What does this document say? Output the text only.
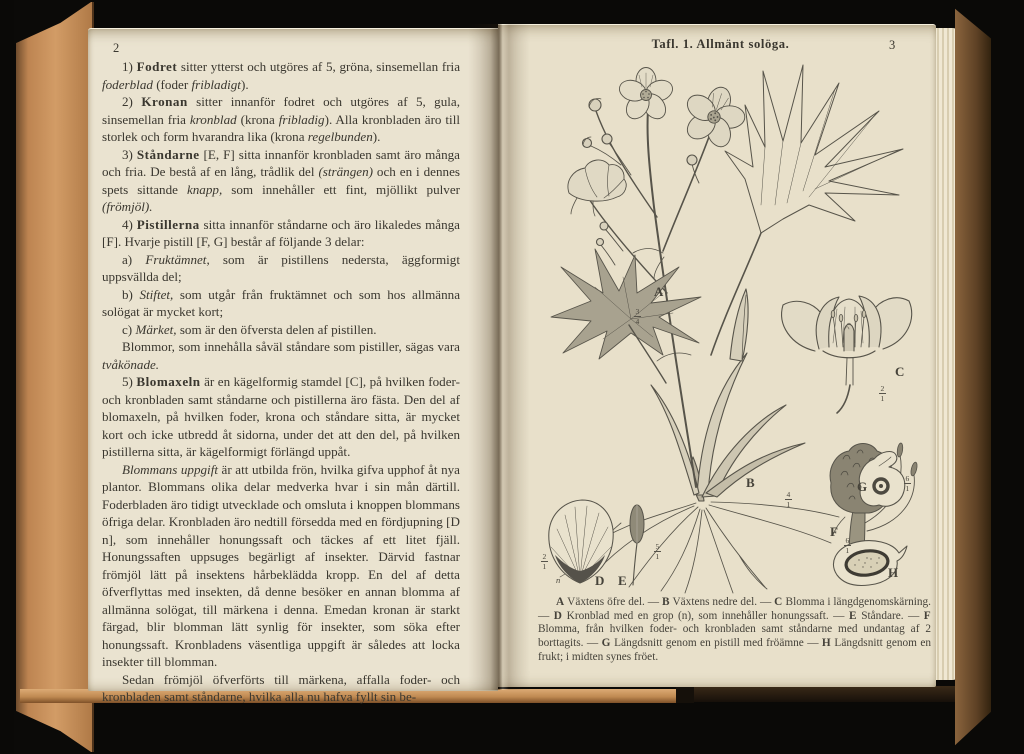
2

1) Fodret sitter ytterst och utgöres af 5, gröna, sinsemellan fria foderblad (foder fribladigt).

2) Kronan sitter innanför fodret och utgöres af 5, gula, sinsemellan fria kronblad (krona fribladig). Alla kronbladen äro till storlek och form hvarandra lika (krona regelbunden).

3) Ståndarne [E, F] sitta innanför kronbladen samt äro många och fria. De bestå af en lång, trådlik del (strängen) och en i dennes spets sittande knapp, som innehåller ett fint, mjöllikt pulver (frömjöl).

4) Pistillerna sitta innanför ståndarne och äro likaledes många [F]. Hvarje pistill [F, G] består af följande 3 delar:

a) Fruktämnet, som är pistillens nedersta, äggformigt uppsvällda del;

b) Stiftet, som utgår från fruktämnet och som hos allmänna solögat är mycket kort;

c) Märket, som är den öfversta delen af pistillen.

Blommor, som innehålla såväl ståndare som pistiller, sägas vara tvåkönade.

5) Blomaxeln är en kägelformig stamdel [C], på hvilken foder- och kronbladen samt ståndarne och pistillerna äro fästa. Den del af blomaxeln, på hvilken foder, krona och ståndare sitta, är mycket kort och icke utbredd åt sidorna, under det att den del, på hvilken pistillerna sitta, är kägelformigt förlängd uppåt.

Blommans uppgift är att utbilda frön, hvilka gifva upphof åt nya plantor. Blommans olika delar medverka hvar i sin mån därtill. Foderbladen äro tidigt utvecklade och omsluta i knoppen blommans öfriga delar. Kronbladen äro nedtill försedda med en fördjupning [D n], som innehåller honungssaft och täckes af ett litet fjäll. Honungssaften uppsuges begärligt af insekter. Därvid fastnar frömjöl lätt på insektens hårbeklädda kropp. En del af detta öfverflyttas med insekten, då denne besöker en annan blomma af allmänna solögat, till märkena i denna. Emedan kronan är starkt färgad, blir blomman lätt synlig för insekter, som söka efter honungssaft. Kronbladens väsentliga uppgift är således att locka insekter till blomman.

Sedan frömjöl öfverförts till märkena, affalla foder- och kronbladen samt ståndarne, hvilka alla nu hafva fyllt sin be-

Tafl. 1. Allmänt solöga.	3
A
B
C
D E
F
G
H
n
$\frac{3}{4}$
$\frac{2}{1}$
$\frac{2}{1}$
$\frac{5}{1}$
$\frac{4}{1}$
$\frac{6}{1}$
$\frac{6}{1}$

A Växtens öfre del. — B Växtens nedre del. — C Blomma i längdgenomskärning. — D Kronblad med en grop (n), som innehåller honungssaft. — E Ståndare. — F Blomma, från hvilken foder- och kronbladen samt ståndarne med undantag af 2 borttagits. — G Längdsnitt genom en pistill med fröämne — H Längdsnitt genom en frukt; i midten synes fröet.
